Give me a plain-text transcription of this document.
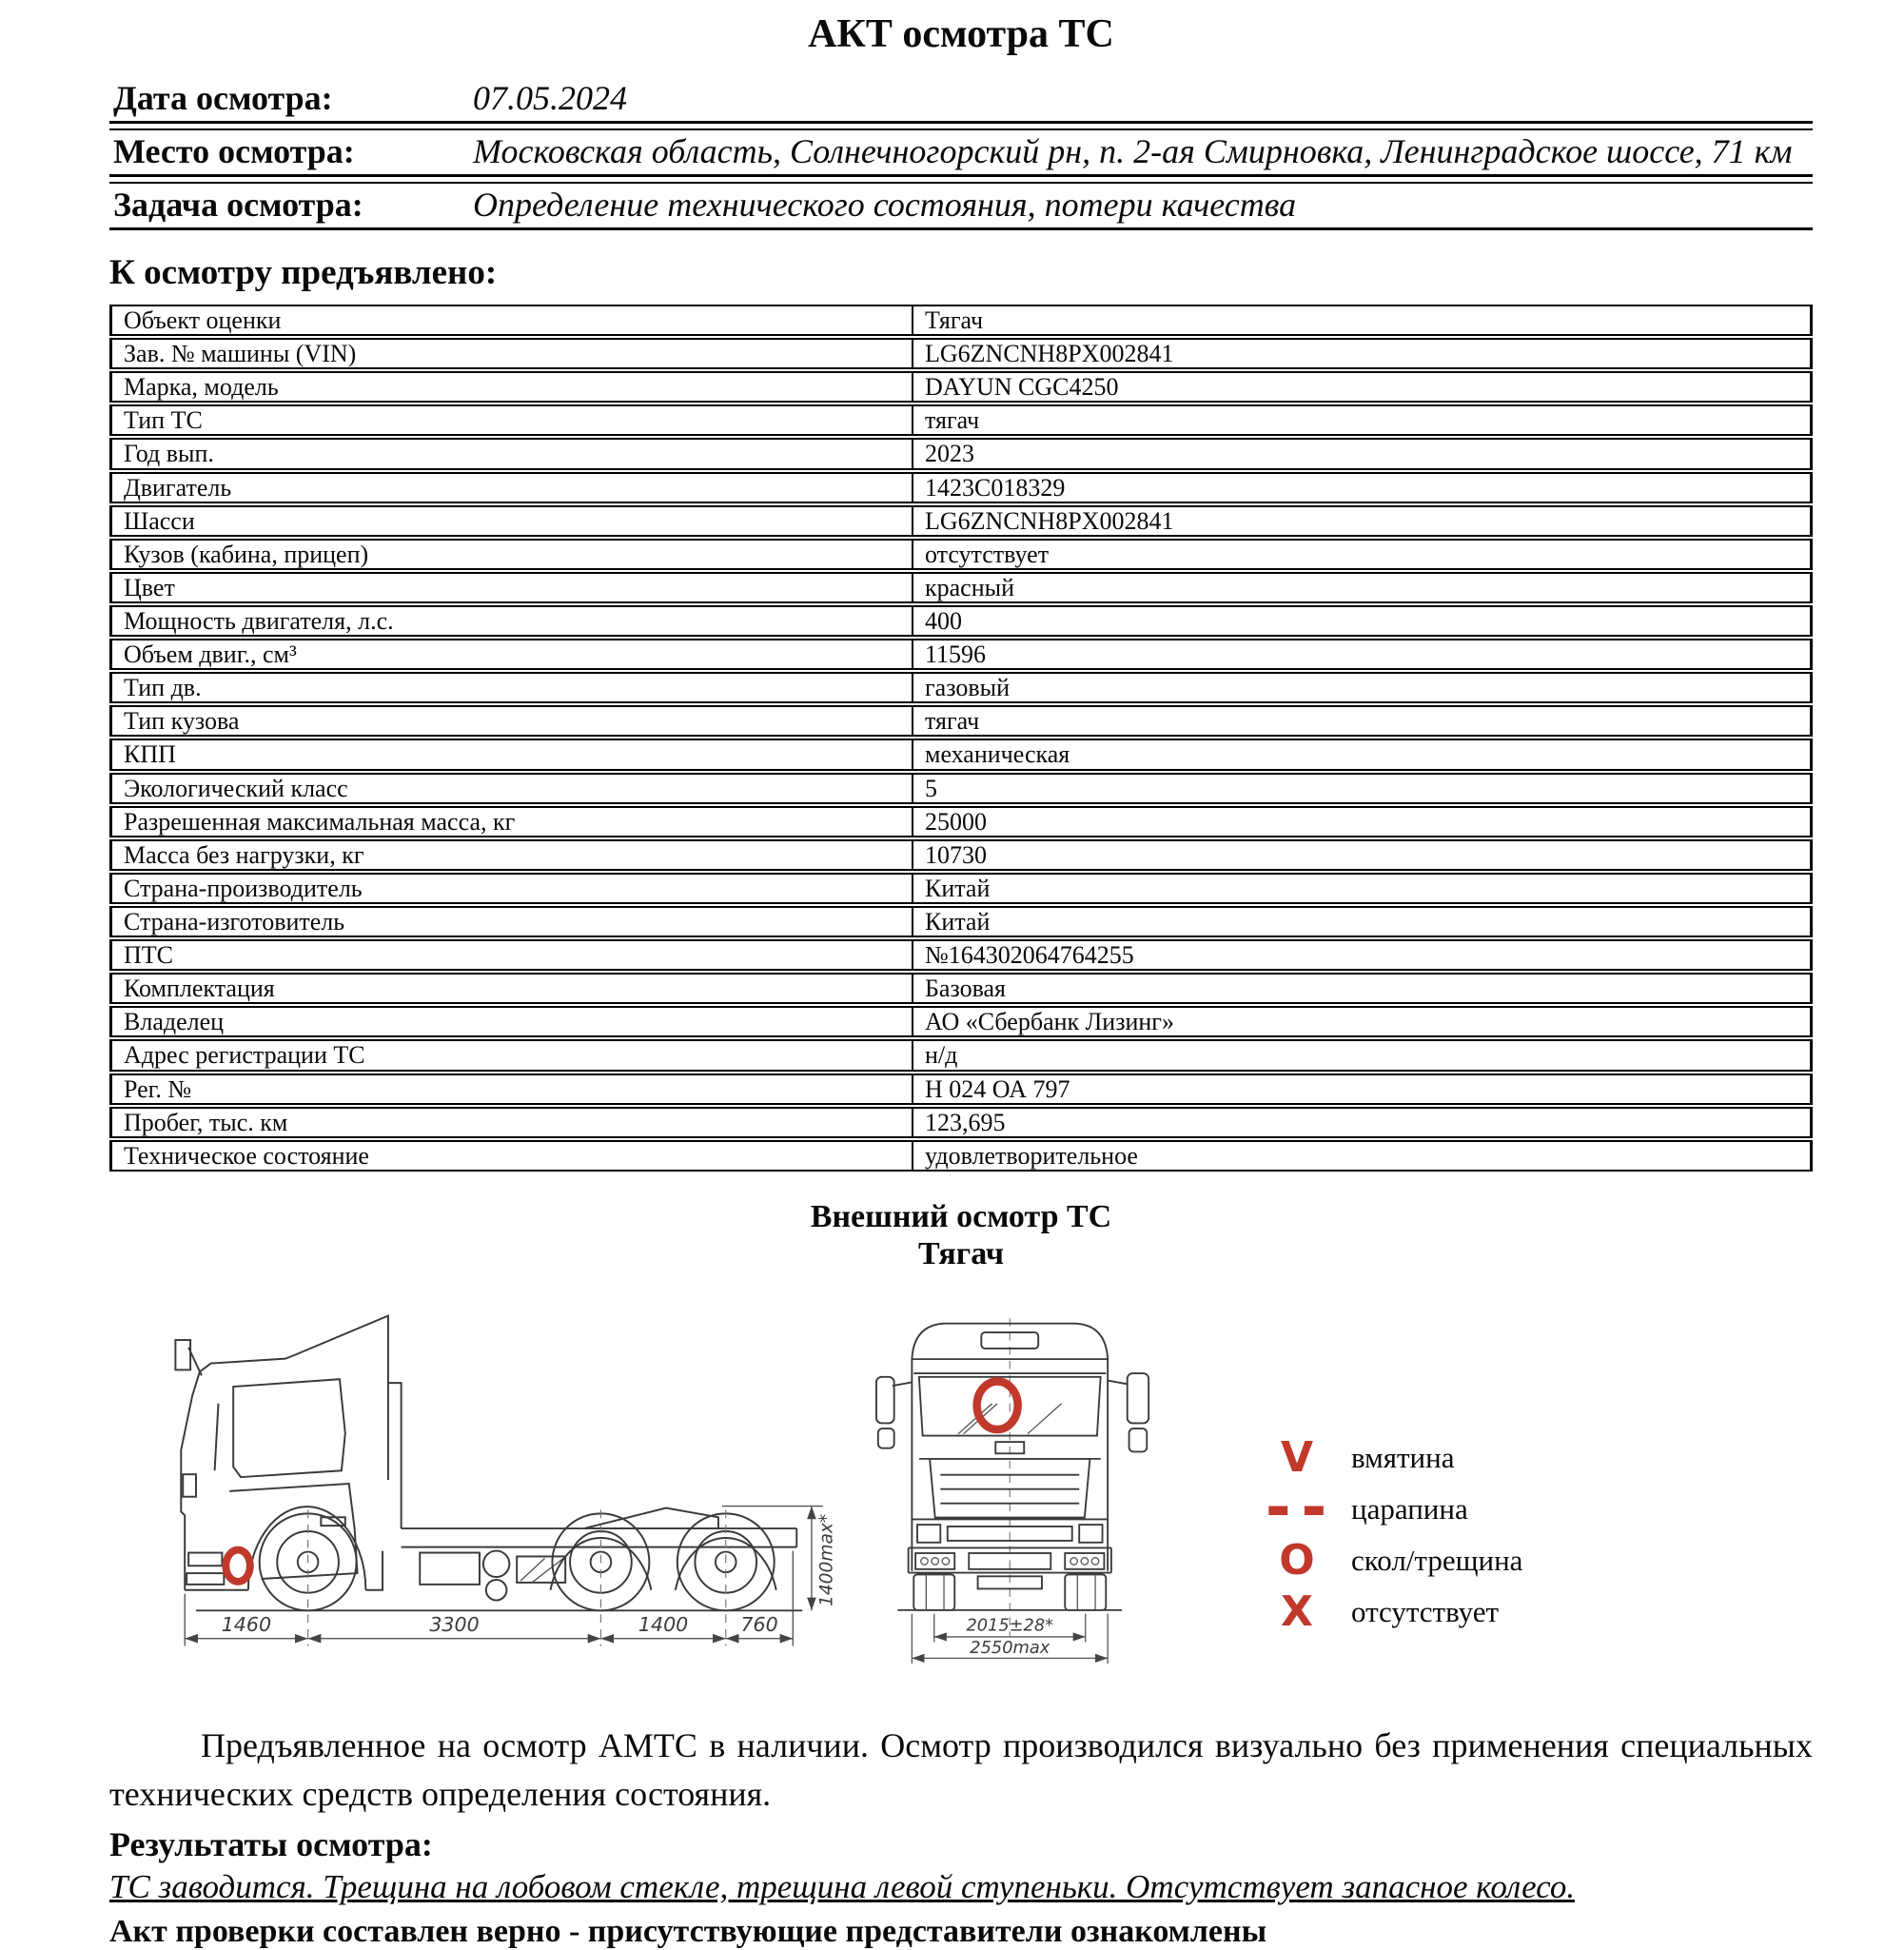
АКТ осмотра ТС
Дата осмотра:	07.05.2024
Место осмотра:	Московская область, Солнечногорский рн, п. 2-ая Смирновка, Ленинградское шоссе, 71 км
Задача осмотра:	Определение технического состояния, потери качества
К осмотру предъявлено:
Объект оценки	Тягач
Зав. № машины (VIN)	LG6ZNCNH8PX002841
Марка, модель	DAYUN CGC4250
Тип ТС	тягач
Год вып.	2023
Двигатель	1423C018329
Шасси	LG6ZNCNH8PX002841
Кузов (кабина, прицеп)	отсутствует
Цвет	красный
Мощность двигателя, л.с.	400
Объем двиг., см³	11596
Тип дв.	газовый
Тип кузова	тягач
КПП	механическая
Экологический класс	5
Разрешенная максимальная масса, кг	25000
Масса без нагрузки, кг	10730
Страна-производитель	Китай
Страна-изготовитель	Китай
ПТС	№164302064764255
Комплектация	Базовая
Владелец	АО «Сбербанк Лизинг»
Адрес регистрации ТС	н/д
Рег. №	Н 024 ОА 797
Пробег, тыс. км	123,695
Техническое состояние	удовлетворительное
Внешний осмотр ТС
Тягач
1460	3300	1400	760
1400max*
2015±28*
2550max
V	вмятина
▬ ▬ царапина
O	скол/трещина
X	отсутствует

Предъявленное на осмотр АМТС в наличии. Осмотр производился визуально без применения специальных технических средств определения состояния.

Результаты осмотра:

ТС заводится. Трещина на лобовом стекле, трещина левой ступеньки. Отсутствует запасное колесо.

Акт проверки составлен верно - присутствующие представители ознакомлены
